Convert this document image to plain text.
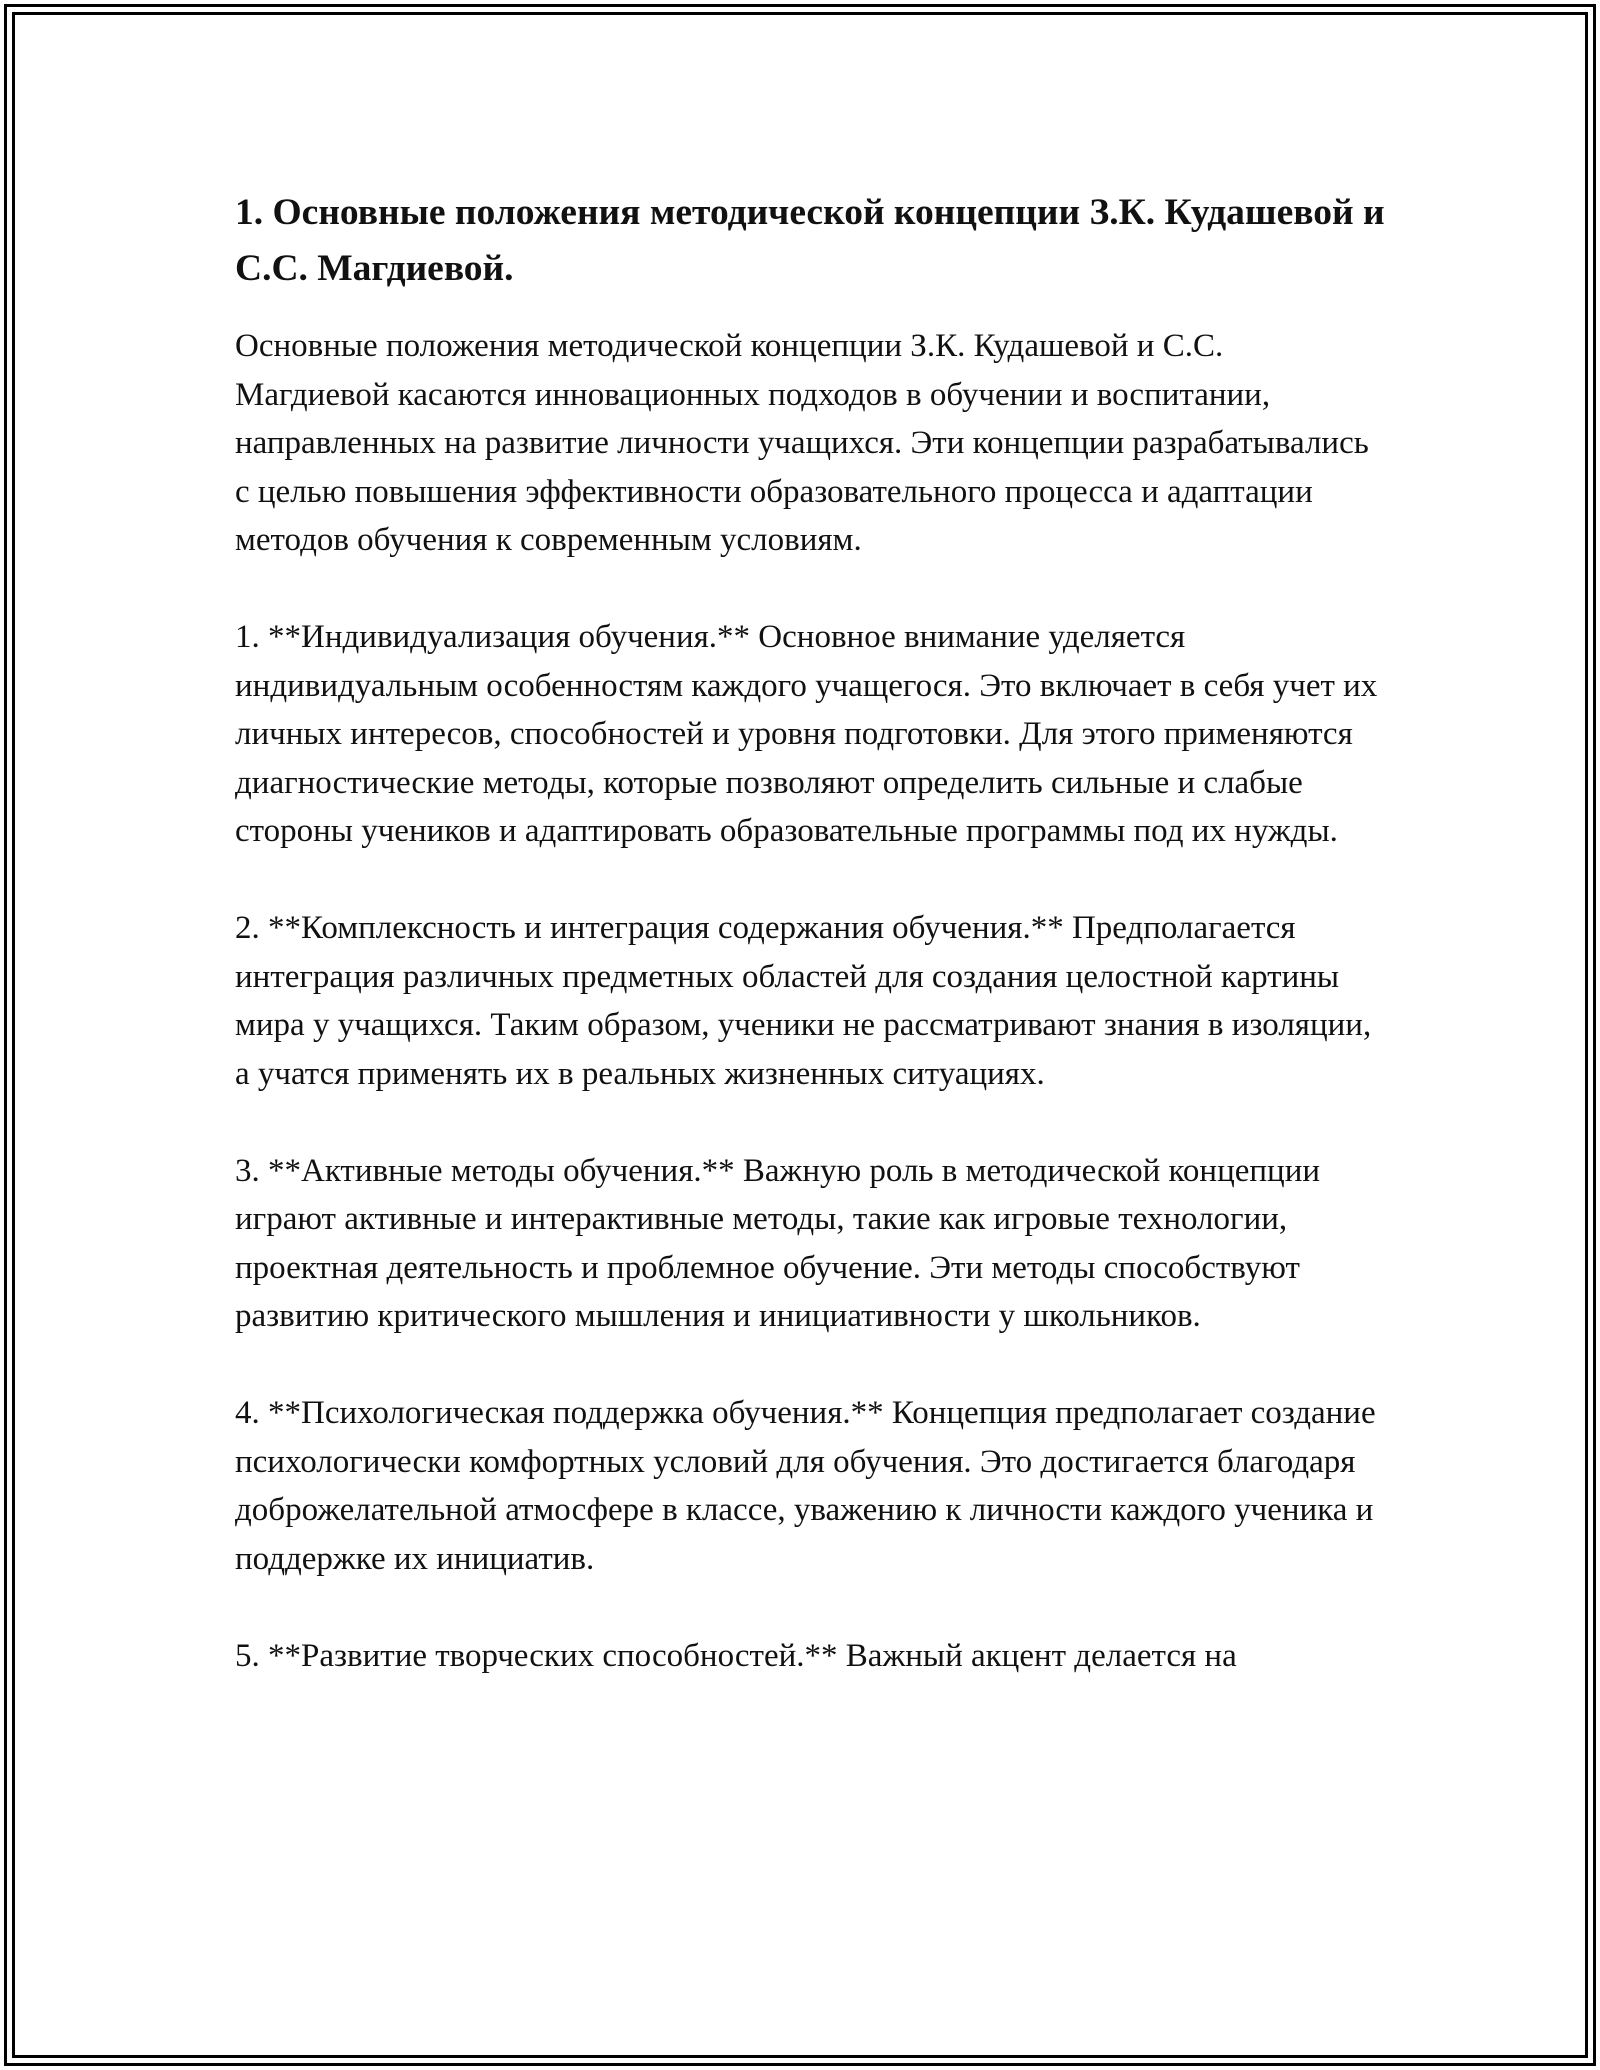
1. Основные положения методической концепции З.К. Кудашевой и С.С. Магдиевой.

Основные положения методической концепции З.К. Кудашевой и С.С. Магдиевой касаются инновационных подходов в обучении и воспитании, направленных на развитие личности учащихся. Эти концепции разрабатывались с целью повышения эффективности образовательного процесса и адаптации методов обучения к современным условиям.

1. **Индивидуализация обучения.** Основное внимание уделяется индивидуальным особенностям каждого учащегося. Это включает в себя учет их личных интересов, способностей и уровня подготовки. Для этого применяются диагностические методы, которые позволяют определить сильные и слабые стороны учеников и адаптировать образовательные программы под их нужды.

2. **Комплексность и интеграция содержания обучения.** Предполагается интеграция различных предметных областей для создания целостной картины мира у учащихся. Таким образом, ученики не рассматривают знания в изоляции, а учатся применять их в реальных жизненных ситуациях.

3. **Активные методы обучения.** Важную роль в методической концепции играют активные и интерактивные методы, такие как игровые технологии, проектная деятельность и проблемное обучение. Эти методы способствуют развитию критического мышления и инициативности у школьников.

4. **Психологическая поддержка обучения.** Концепция предполагает создание психологически комфортных условий для обучения. Это достигается благодаря доброжелательной атмосфере в классе, уважению к личности каждого ученика и поддержке их инициатив.

5. **Развитие творческих способностей.** Важный акцент делается на
